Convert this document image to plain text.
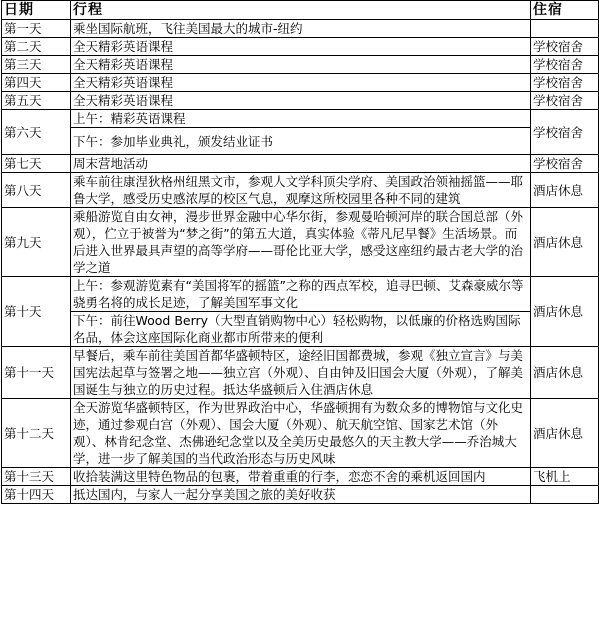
日期	行程	住宿
第一天	乘坐国际航班，飞往美国最大的城市-纽约	
第二天	全天精彩英语课程	学校宿舍
第三天	全天精彩英语课程	学校宿舍
第四天	全天精彩英语课程	学校宿舍
第五天	全天精彩英语课程	学校宿舍
第六天	上午：精彩英语课程	学校宿舍
	下午：参加毕业典礼，颁发结业证书	
第七天	周末营地活动	学校宿舍
第八天	乘车前往康涅狄格州纽黑文市，参观人文学科顶尖学府、美国政治领袖摇篮——耶鲁大学，感受历史感浓厚的校区气息，观摩这所校园里各种不同的建筑	酒店休息
第九天	乘船游览自由女神，漫步世界金融中心华尔街，参观曼哈顿河岸的联合国总部（外观），伫立于被誉为“梦之街”的第五大道，真实体验《蒂凡尼早餐》生活场景。而后进入世界最具声望的高等学府——哥伦比亚大学，感受这座纽约最古老大学的治学之道	酒店休息
第十天	上午：参观游览素有“美国将军的摇篮”之称的西点军校，追寻巴顿、艾森豪威尔等骁勇名将的成长足迹，了解美国军事文化	酒店休息
	下午：前往Wood Berry（大型直销购物中心）轻松购物，以低廉的价格选购国际名品，体会这座国际化商业都市所带来的便利	
第十一天	早餐后，乘车前往美国首都华盛顿特区，途经旧国都费城，参观《独立宣言》与美国宪法起草与签署之地——独立宫（外观）、自由钟及旧国会大厦（外观），了解美国诞生与独立的历史过程。抵达华盛顿后入住酒店休息	酒店休息
第十二天	全天游览华盛顿特区，作为世界政治中心，华盛顿拥有为数众多的博物馆与文化史迹，通过参观白宫（外观）、国会大厦（外观）、航天航空馆、国家艺术馆（外观）、林肯纪念堂、杰佛逊纪念堂以及全美历史最悠久的天主教大学——乔治城大学，进一步了解美国的当代政治形态与历史风味	酒店休息
第十三天	收拾装满这里特色物品的包裹，带着重重的行李，恋恋不舍的乘机返回国内	飞机上
第十四天	抵达国内，与家人一起分享美国之旅的美好收获	
